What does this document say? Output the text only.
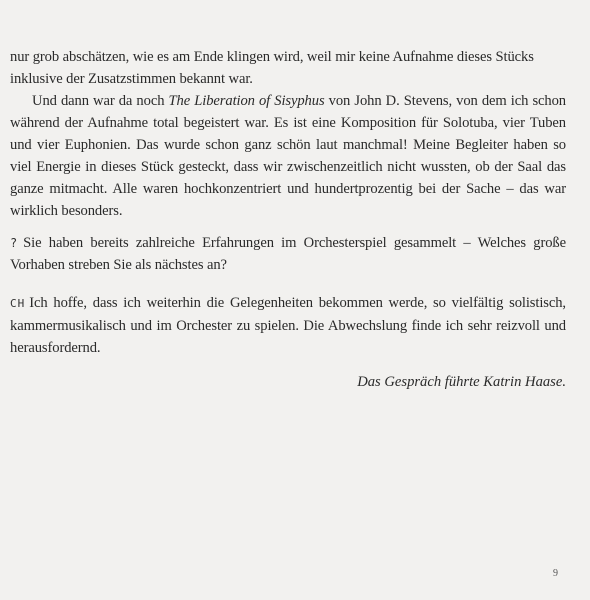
nur grob abschätzen, wie es am Ende klingen wird, weil mir keine Aufnahme dieses Stücks
inklusive der Zusatzstimmen bekannt war.

Und dann war da noch The Liberation of Sisyphus von John D. Stevens, von dem ich schon während der Aufnahme total begeistert war. Es ist eine Komposition für Solotuba, vier Tuben und vier Euphonien. Das wurde schon ganz schön laut manchmal! Meine Begleiter haben so viel Energie in dieses Stück gesteckt, dass wir zwischenzeitlich nicht wussten, ob der Saal das ganze mitmacht. Alle waren hochkonzentriert und hundertprozentig bei der Sache – das war wirklich besonders.

? Sie haben bereits zahlreiche Erfahrungen im Orchesterspiel gesammelt – Welches große Vorhaben streben Sie als nächstes an?

CH Ich hoffe, dass ich weiterhin die Gelegenheiten bekommen werde, so vielfältig solistisch, kammermusikalisch und im Orchester zu spielen. Die Abwechslung finde ich sehr reizvoll und herausfordernd.

Das Gespräch führte Katrin Haase.
9
